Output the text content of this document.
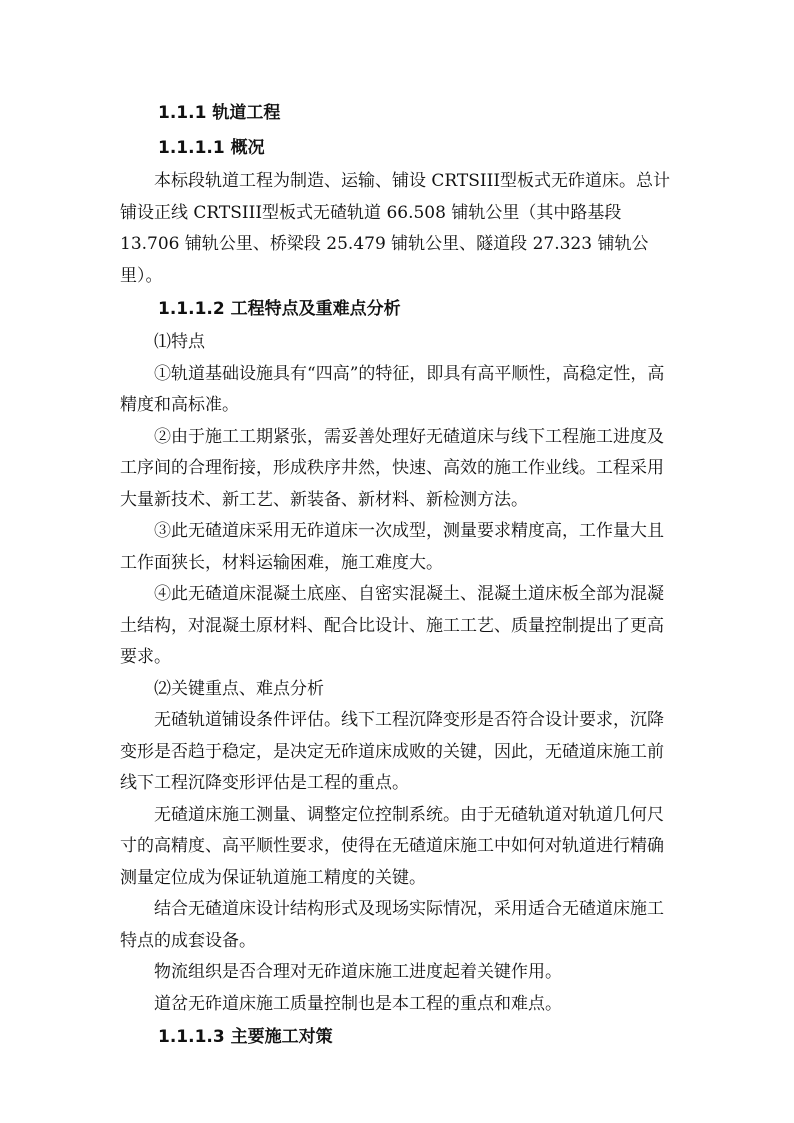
1.1.1 轨道工程
1.1.1.1 概况

本标段轨道工程为制造、运输、铺设 CRTSIII型板式无砟道床。总计铺设正线 CRTSIII型板式无碴轨道 66.508 铺轨公里（其中路基段 13.706 铺轨公里、桥梁段 25.479 铺轨公里、隧道段 27.323 铺轨公里）。

1.1.1.2 工程特点及重难点分析

⑴特点

①轨道基础设施具有“四高”的特征，即具有高平顺性，高稳定性，高精度和高标准。

②由于施工工期紧张，需妥善处理好无碴道床与线下工程施工进度及工序间的合理衔接，形成秩序井然，快速、高效的施工作业线。工程采用大量新技术、新工艺、新装备、新材料、新检测方法。

③此无碴道床采用无砟道床一次成型，测量要求精度高，工作量大且工作面狭长，材料运输困难，施工难度大。

④此无碴道床混凝土底座、自密实混凝土、混凝土道床板全部为混凝土结构，对混凝土原材料、配合比设计、施工工艺、质量控制提出了更高要求。

⑵关键重点、难点分析

无碴轨道铺设条件评估。线下工程沉降变形是否符合设计要求，沉降变形是否趋于稳定，是决定无砟道床成败的关键，因此，无碴道床施工前线下工程沉降变形评估是工程的重点。

无碴道床施工测量、调整定位控制系统。由于无碴轨道对轨道几何尺寸的高精度、高平顺性要求，使得在无碴道床施工中如何对轨道进行精确测量定位成为保证轨道施工精度的关键。

结合无碴道床设计结构形式及现场实际情况，采用适合无碴道床施工特点的成套设备。

物流组织是否合理对无砟道床施工进度起着关键作用。

道岔无砟道床施工质量控制也是本工程的重点和难点。

1.1.1.3 主要施工对策
